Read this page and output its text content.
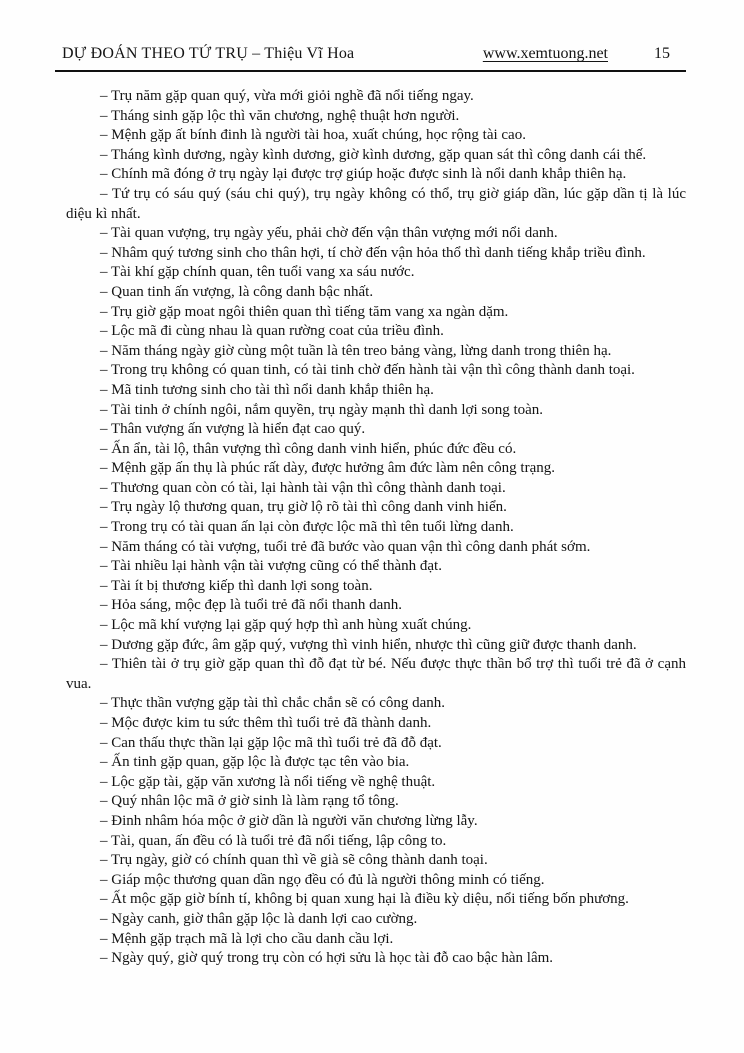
DỰ ĐOÁN THEO TỨ TRỤ – Thiệu Vĩ Hoa	www.xemtuong.net	15

– Trụ năm gặp quan quý, vừa mới giỏi nghề đã nổi tiếng ngay.

– Tháng sinh gặp lộc thì văn chương, nghệ thuật hơn người.

– Mệnh gặp ất bính đinh là người tài hoa, xuất chúng, học rộng tài cao.

– Tháng kình dương, ngày kình dương, giờ kình dương, gặp quan sát thì công danh cái thế.

– Chính mã đóng ở trụ ngày lại được trợ giúp hoặc được sinh là nổi danh khắp thiên hạ.

– Tứ trụ có sáu quý (sáu chi quý), trụ ngày không có thổ, trụ giờ giáp dần, lúc gặp dần tị là lúc diệu kì nhất.

– Tài quan vượng, trụ ngày yếu, phải chờ đến vận thân vượng mới nổi danh.

– Nhâm quý tương sinh cho thân hợi, tí chờ đến vận hỏa thổ thì danh tiếng khắp triều đình.

– Tài khí gặp chính quan, tên tuổi vang xa sáu nước.

– Quan tinh ấn vượng, là công danh bậc nhất.

– Trụ giờ gặp moat ngôi thiên quan thì tiếng tăm vang xa ngàn dặm.

– Lộc mã đi cùng nhau là quan rường coat của triều đình.

– Năm tháng ngày giờ cùng một tuần là tên treo bảng vàng, lừng danh trong thiên hạ.

– Trong trụ không có quan tinh, có tài tinh chờ đến hành tài vận thì công thành danh toại.

– Mã tinh tương sinh cho tài thì nổi danh khắp thiên hạ.

– Tài tinh ở chính ngôi, nắm quyền, trụ ngày mạnh thì danh lợi song toàn.

– Thân vượng ấn vượng là hiển đạt cao quý.

– Ấn ẩn, tài lộ, thân vượng thì công danh vinh hiển, phúc đức đều có.

– Mệnh gặp ấn thụ là phúc rất dày, được hưởng âm đức làm nên công trạng.

– Thương quan còn có tài, lại hành tài vận thì công thành danh toại.

– Trụ ngày lộ thương quan, trụ giờ lộ rõ tài thì công danh vinh hiển.

– Trong trụ có tài quan ấn lại còn được lộc mã thì tên tuổi lừng danh.

– Năm tháng có tài vượng, tuổi trẻ đã bước vào quan vận thì công danh phát sớm.

– Tài nhiều lại hành vận tài vượng cũng có thể thành đạt.

– Tài ít bị thương kiếp thì danh lợi song toàn.

– Hỏa sáng, mộc đẹp là tuổi trẻ đã nổi thanh danh.

– Lộc mã khí vượng lại gặp quý hợp thì anh hùng xuất chúng.

– Dương gặp đức, âm gặp quý, vượng thì vinh hiển, nhược thì cũng giữ được thanh danh.

– Thiên tài ở trụ giờ gặp quan thì đỗ đạt từ bé. Nếu được thực thần bổ trợ thì tuổi trẻ đã ở cạnh vua.

– Thực thần vượng gặp tài thì chắc chắn sẽ có công danh.

– Mộc được kim tu sức thêm thì tuổi trẻ đã thành danh.

– Can thấu thực thần lại gặp lộc mã thì tuổi trẻ đã đỗ đạt.

– Ấn tinh gặp quan, gặp lộc là được tạc tên vào bia.

– Lộc gặp tài, gặp văn xương là nổi tiếng về nghệ thuật.

– Quý nhân lộc mã ở giờ sinh là làm rạng tổ tông.

– Đinh nhâm hóa mộc ở giờ dần là người văn chương lừng lẫy.

– Tài, quan, ấn đều có là tuổi trẻ đã nổi tiếng, lập công to.

– Trụ ngày, giờ có chính quan thì về già sẽ công thành danh toại.

– Giáp mộc thương quan dần ngọ đều có đủ là người thông minh có tiếng.

– Ất mộc gặp giờ bính tí, không bị quan xung hại là điều kỳ diệu, nổi tiếng bốn phương.

– Ngày canh, giờ thân gặp lộc là danh lợi cao cường.

– Mệnh gặp trạch mã là lợi cho cầu danh cầu lợi.

– Ngày quý, giờ quý trong trụ còn có hợi sửu là học tài đỗ cao bậc hàn lâm.
